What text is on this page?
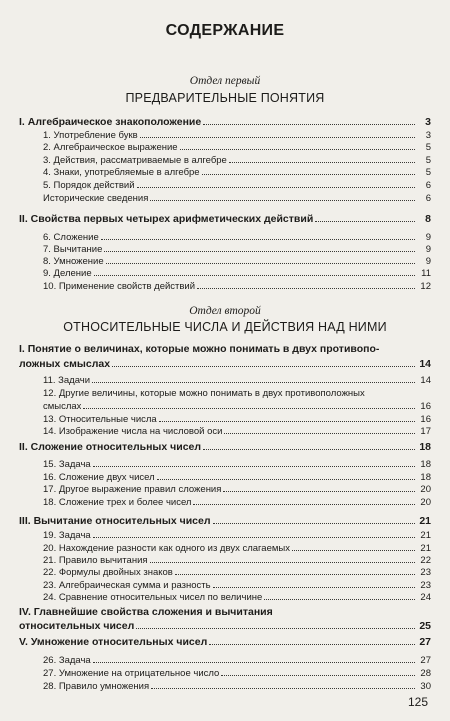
СОДЕРЖАНИЕ
Отдел первый
ПРЕДВАРИТЕЛЬНЫЕ ПОНЯТИЯ
Отдел второй
ОТНОСИТЕЛЬНЫЕ ЧИСЛА И ДЕЙСТВИЯ НАД НИМИ
I. Алгебраическое знакоположение	3
1. Употребление букв	3
2. Алгебраическое выражение	5
3. Действия, рассматриваемые в алгебре	5
4. Знаки, употребляемые в алгебре	5
5. Порядок действий	6
Исторические сведения	6
II. Свойства первых четырех арифметических действий	8
6. Сложение	9
7. Вычитание	9
8. Умножение	9
9. Деление	11
10. Применение свойств действий	12
I. Понятие о величинах, которые можно понимать в двух противопо-
ложных смыслах	14
11. Задачи	14
12. Другие величины, которые можно понимать в двух противоположных
смыслах	16
13. Относительные числа	16
14. Изображение числа на числовой оси	17
II. Сложение относительных чисел	18
15. Задача	18
16. Сложение двух чисел	18
17. Другое выражение правил сложения	20
18. Сложение трех и более чисел	20
III. Вычитание относительных чисел	21
19. Задача	21
20. Нахождение разности как одного из двух слагаемых	21
21. Правило вычитания	22
22. Формулы двойных знаков	23
23. Алгебраическая сумма и разность	23
24. Сравнение относительных чисел по величине	24
IV. Главнейшие свойства сложения и вычитания
относительных чисел	25
V. Умножение относительных чисел	27
26. Задача	27
27. Умножение на отрицательное число	28
28. Правило умножения	30
125
